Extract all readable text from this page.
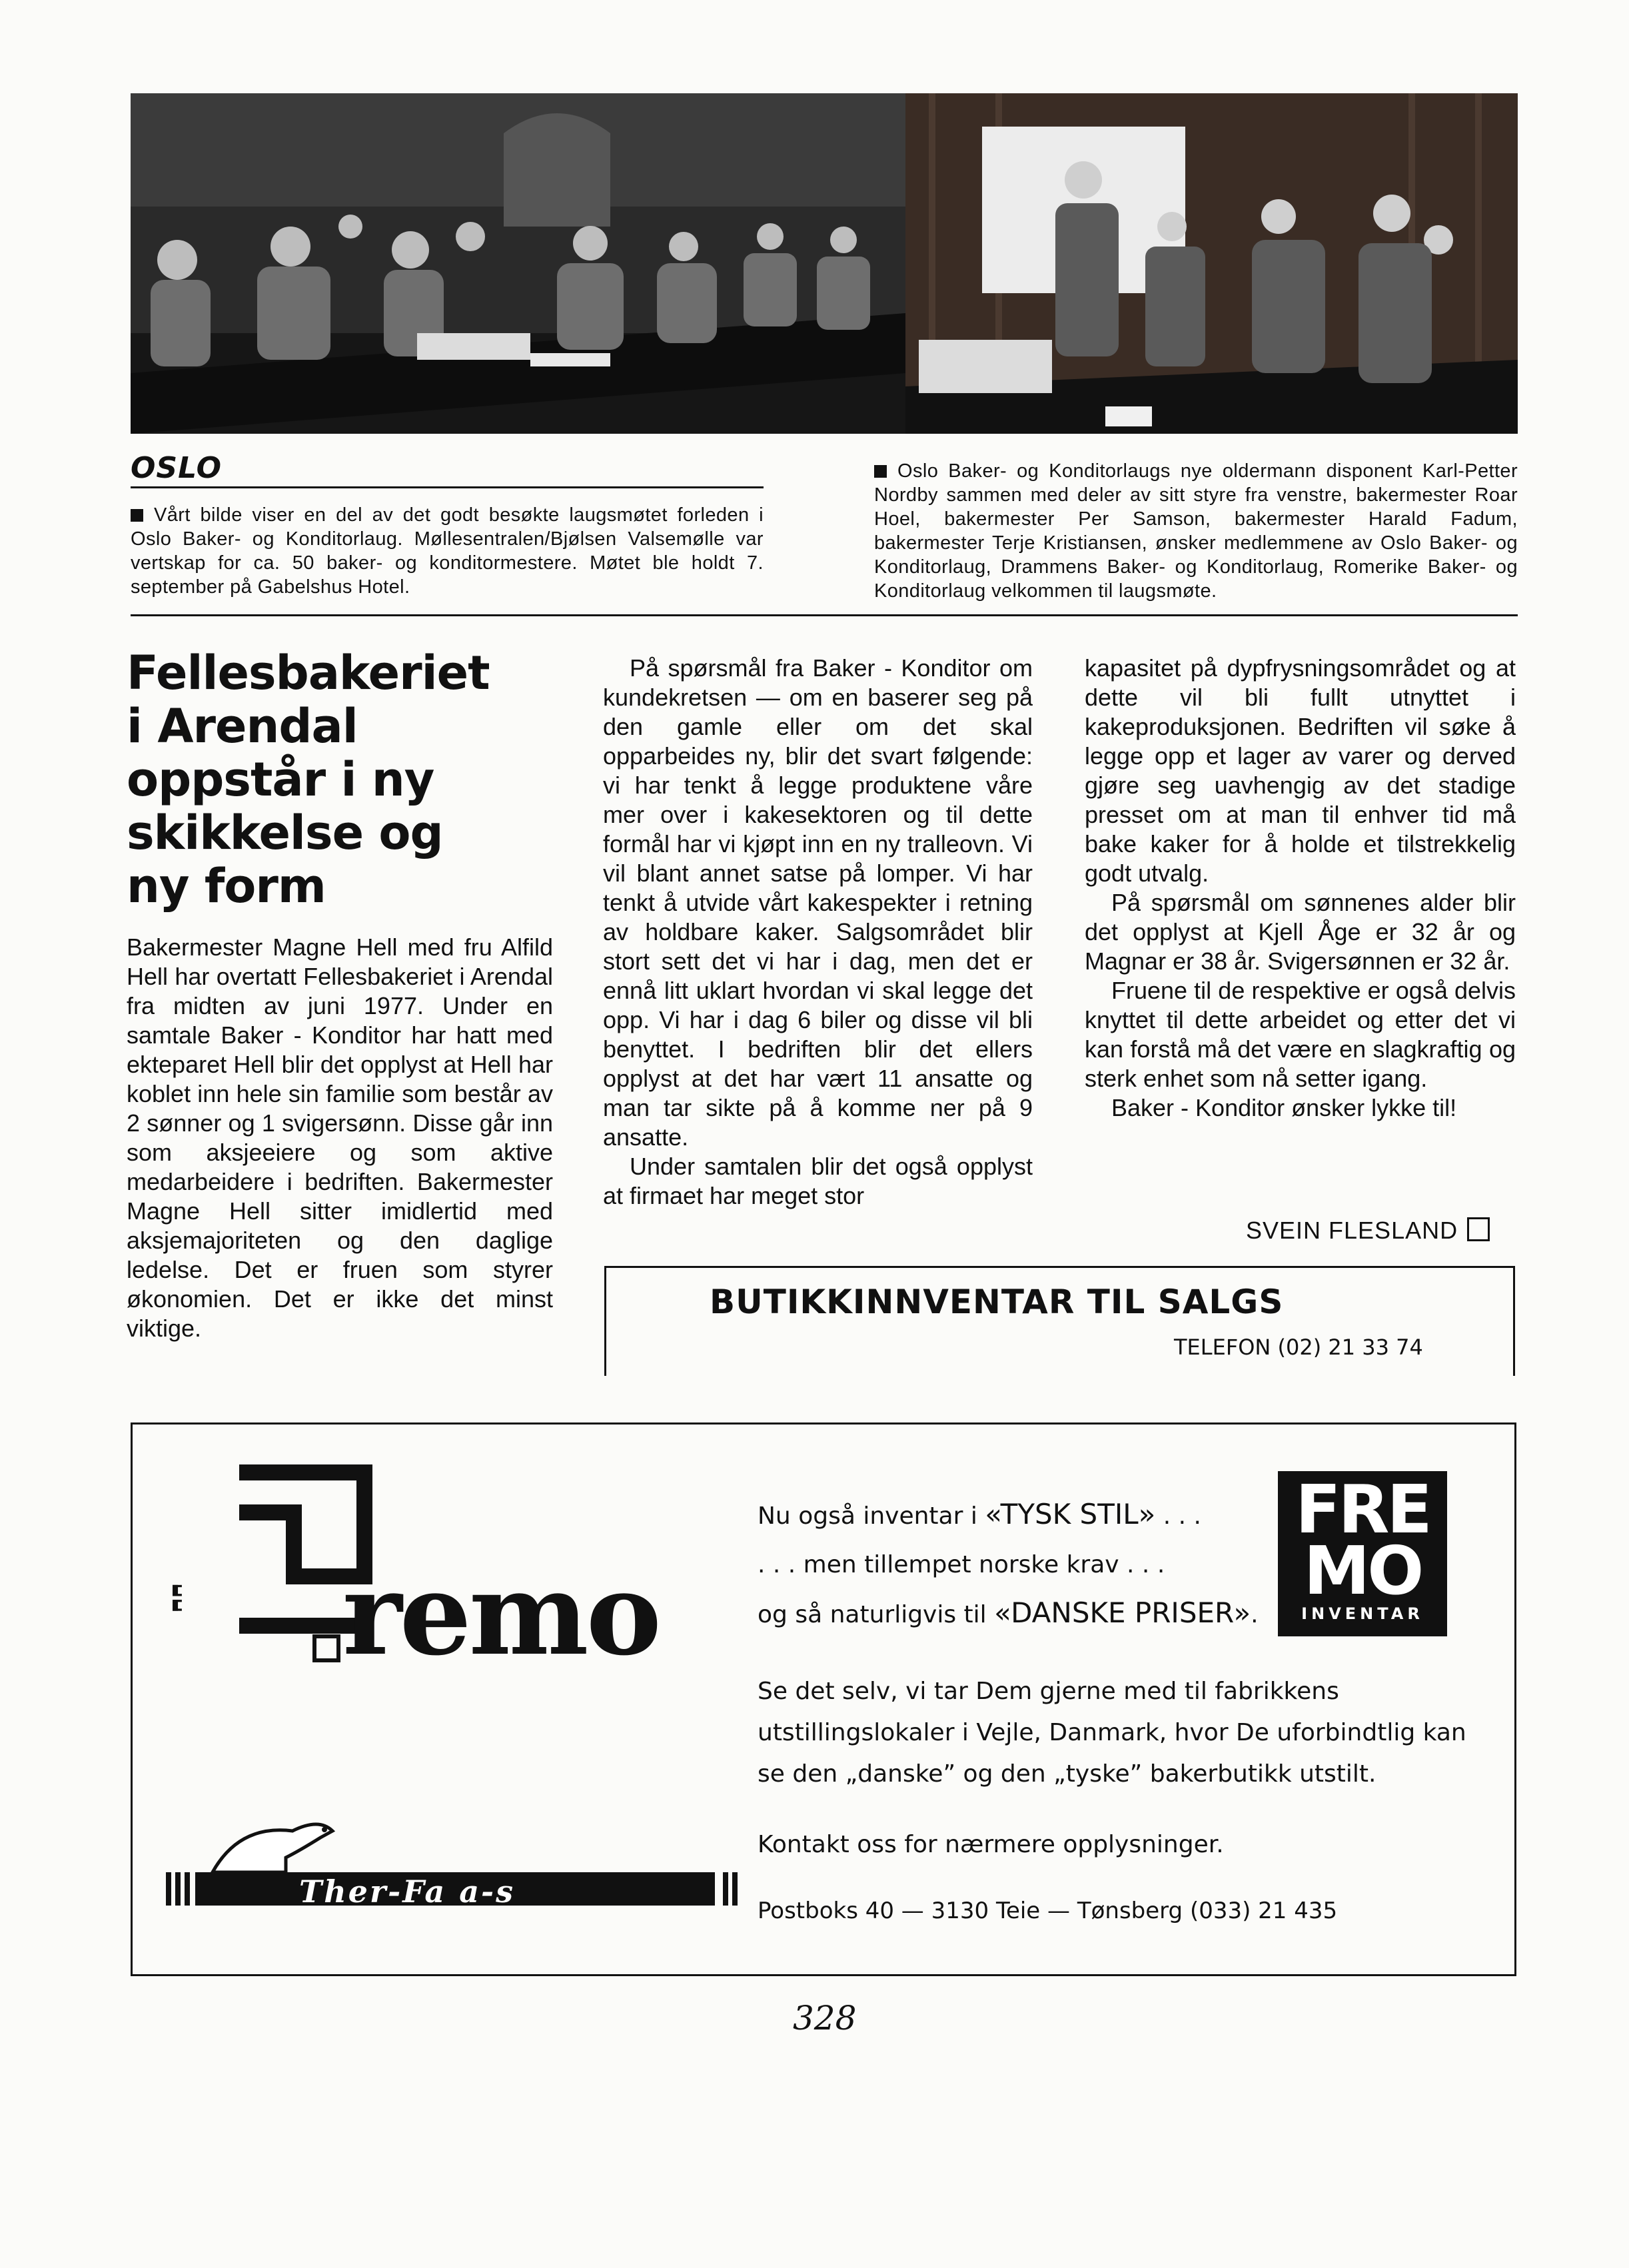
OSLO
Vårt bilde viser en del av det godt besøkte laugsmøtet forleden i Oslo Baker- og Konditorlaug. Møllesentralen/Bjølsen Valsemølle var vertskap for ca. 50 baker- og konditormestere. Møtet ble holdt 7. september på Gabelshus Hotel.
Oslo Baker- og Konditorlaugs nye oldermann disponent Karl-Petter Nordby sammen med deler av sitt styre fra venstre, bakermester Roar Hoel, bakermester Per Samson, bakermester Harald Fadum, bakermester Terje Kristiansen, ønsker medlemmene av Oslo Baker- og Konditorlaug, Drammens Baker- og Konditorlaug, Romerike Baker- og Konditorlaug velkommen til laugsmøte.
Fellesbakeriet i Arendal oppstår i ny skikkelse og ny form

Bakermester Magne Hell med fru Alfild Hell har overtatt Fellesbakeriet i Arendal fra midten av juni 1977. Under en samtale Baker - Konditor har hatt med ekteparet Hell blir det opplyst at Hell har koblet inn hele sin familie som består av 2 sønner og 1 svigersønn. Disse går inn som aksjeeiere og som aktive medarbeidere i bedriften. Bakermester Magne Hell sitter imidlertid med aksjemajoriteten og den daglige ledelse. Det er fruen som styrer økonomien. Det er ikke det minst viktige.

På spørsmål fra Baker - Konditor om kundekretsen — om en baserer seg på den gamle eller om det skal opparbeides ny, blir det svart følgende: vi har tenkt å legge produktene våre mer over i kakesektoren og til dette formål har vi kjøpt inn en ny tralleovn. Vi vil blant annet satse på lomper. Vi har tenkt å utvide vårt kakespekter i retning av holdbare kaker. Salgsområdet blir stort sett det vi har i dag, men det er ennå litt uklart hvordan vi skal legge det opp. Vi har i dag 6 biler og disse vil bli benyttet. I bedriften blir det ellers opplyst at det har vært 11 ansatte og man tar sikte på å komme ner på 9 ansatte.

Under samtalen blir det også opplyst at firmaet har meget stor

kapasitet på dypfrysningsområdet og at dette vil bli fullt utnyttet i kakeproduksjonen. Bedriften vil søke å legge opp et lager av varer og derved gjøre seg uavhengig av det stadige presset om at man til enhver tid må bake kaker for å holde et tilstrekkelig godt utvalg.

På spørsmål om sønnenes alder blir det opplyst at Kjell Åge er 32 år og Magnar er 38 år. Svigersønnen er 32 år.

Fruene til de respektive er også delvis knyttet til dette arbeidet og etter det vi kan forstå må det være en slagkraftig og sterk enhet som nå setter igang.

Baker - Konditor ønsker lykke til!

SVEIN FLESLAND
BUTIKKINNVENTAR TIL SALGS
TELEFON (02) 21 33 74
remo
Nu også inventar i «TYSK STIL» . . .
. . . men tillempet norske krav . . .
og så naturligvis til «DANSKE PRISER».
FRE
MO
INVENTAR
Se det selv, vi tar Dem gjerne med til fabrikkens utstillingslokaler i Vejle, Danmark, hvor De uforbindtlig kan se den „danske” og den „tyske” bakerbutikk utstilt.
Kontakt oss for nærmere opplysninger.
Postboks 40 — 3130 Teie — Tønsberg (033) 21 435
Ther-Fa a-s
328
